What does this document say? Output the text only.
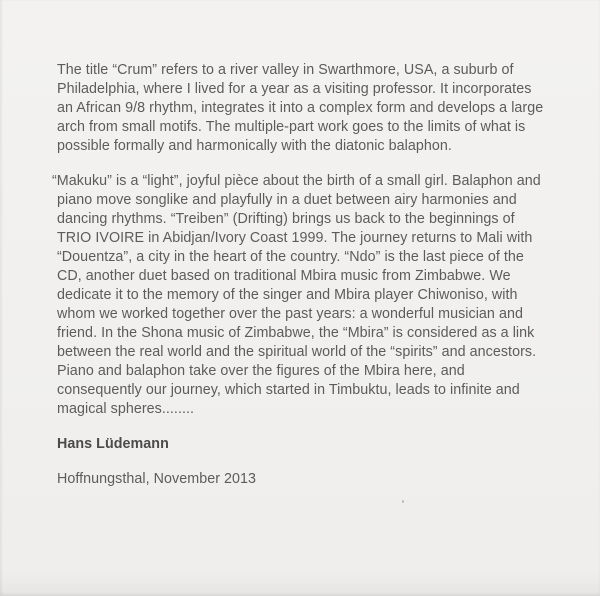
The title “Crum” refers to a river valley in Swarthmore, USA, a suburb of Philadelphia, where I lived for a year as a visiting professor. It incorporates an African 9/8 rhythm, integrates it into a complex form and develops a large arch from small motifs. The multiple-part work goes to the limits of what is possible formally and harmonically with the diatonic balaphon.

“Makuku” is a “light”, joyful pièce about the birth of a small girl. Balaphon and piano move songlike and playfully in a duet between airy harmonies and dancing rhythms. “Treiben” (Drifting) brings us back to the beginnings of TRIO IVOIRE in Abidjan/Ivory Coast 1999. The journey returns to Mali with “Douentza”, a city in the heart of the country. “Ndo” is the last piece of the CD, another duet based on traditional Mbira music from Zimbabwe. We dedicate it to the memory of the singer and Mbira player Chiwoniso, with whom we worked together over the past years: a wonderful musician and friend. In the Shona music of Zimbabwe, the “Mbira” is considered as a link between the real world and the spiritual world of the “spirits” and ancestors. Piano and balaphon take over the figures of the Mbira here, and consequently our journey, which started in Timbuktu, leads to infinite and magical spheres........

Hans Lüdemann

Hoffnungsthal, November 2013
